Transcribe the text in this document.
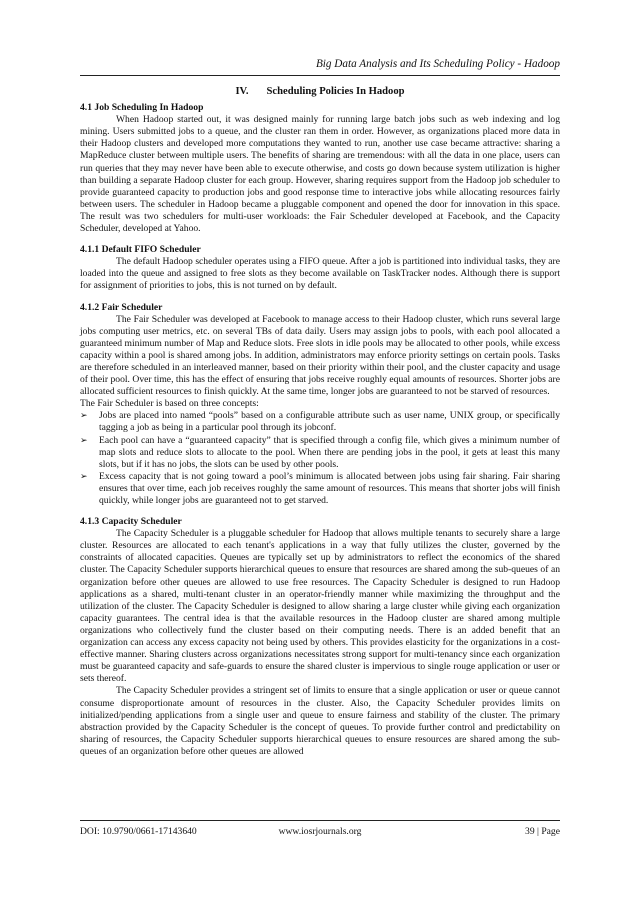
Big Data Analysis and Its Scheduling Policy - Hadoop
IV. Scheduling Policies In Hadoop
4.1 Job Scheduling In Hadoop

When Hadoop started out, it was designed mainly for running large batch jobs such as web indexing and log mining. Users submitted jobs to a queue, and the cluster ran them in order. However, as organizations placed more data in their Hadoop clusters and developed more computations they wanted to run, another use case became attractive: sharing a MapReduce cluster between multiple users. The benefits of sharing are tremendous: with all the data in one place, users can run queries that they may never have been able to execute otherwise, and costs go down because system utilization is higher than building a separate Hadoop cluster for each group. However, sharing requires support from the Hadoop job scheduler to provide guaranteed capacity to production jobs and good response time to interactive jobs while allocating resources fairly between users. The scheduler in Hadoop became a pluggable component and opened the door for innovation in this space. The result was two schedulers for multi-user workloads: the Fair Scheduler developed at Facebook, and the Capacity Scheduler, developed at Yahoo.

4.1.1 Default FIFO Scheduler

The default Hadoop scheduler operates using a FIFO queue. After a job is partitioned into individual tasks, they are loaded into the queue and assigned to free slots as they become available on TaskTracker nodes. Although there is support for assignment of priorities to jobs, this is not turned on by default.

4.1.2 Fair Scheduler

The Fair Scheduler was developed at Facebook to manage access to their Hadoop cluster, which runs several large jobs computing user metrics, etc. on several TBs of data daily. Users may assign jobs to pools, with each pool allocated a guaranteed minimum number of Map and Reduce slots. Free slots in idle pools may be allocated to other pools, while excess capacity within a pool is shared among jobs. In addition, administrators may enforce priority settings on certain pools. Tasks are therefore scheduled in an interleaved manner, based on their priority within their pool, and the cluster capacity and usage of their pool. Over time, this has the effect of ensuring that jobs receive roughly equal amounts of resources. Shorter jobs are allocated sufficient resources to finish quickly. At the same time, longer jobs are guaranteed to not be starved of resources.

The Fair Scheduler is based on three concepts:

➢ Jobs are placed into named “pools” based on a configurable attribute such as user name, UNIX group, or specifically tagging a job as being in a particular pool through its jobconf.
➢ Each pool can have a “guaranteed capacity” that is specified through a config file, which gives a minimum number of map slots and reduce slots to allocate to the pool. When there are pending jobs in the pool, it gets at least this many slots, but if it has no jobs, the slots can be used by other pools.
➢ Excess capacity that is not going toward a pool’s minimum is allocated between jobs using fair sharing. Fair sharing ensures that over time, each job receives roughly the same amount of resources. This means that shorter jobs will finish quickly, while longer jobs are guaranteed not to get starved.
4.1.3 Capacity Scheduler

The Capacity Scheduler is a pluggable scheduler for Hadoop that allows multiple tenants to securely share a large cluster. Resources are allocated to each tenant's applications in a way that fully utilizes the cluster, governed by the constraints of allocated capacities. Queues are typically set up by administrators to reflect the economics of the shared cluster. The Capacity Scheduler supports hierarchical queues to ensure that resources are shared among the sub-queues of an organization before other queues are allowed to use free resources. The Capacity Scheduler is designed to run Hadoop applications as a shared, multi-tenant cluster in an operator-friendly manner while maximizing the throughput and the utilization of the cluster. The Capacity Scheduler is designed to allow sharing a large cluster while giving each organization capacity guarantees. The central idea is that the available resources in the Hadoop cluster are shared among multiple organizations who collectively fund the cluster based on their computing needs. There is an added benefit that an organization can access any excess capacity not being used by others. This provides elasticity for the organizations in a cost-effective manner. Sharing clusters across organizations necessitates strong support for multi-tenancy since each organization must be guaranteed capacity and safe-guards to ensure the shared cluster is impervious to single rouge application or user or sets thereof.

The Capacity Scheduler provides a stringent set of limits to ensure that a single application or user or queue cannot consume disproportionate amount of resources in the cluster. Also, the Capacity Scheduler provides limits on initialized/pending applications from a single user and queue to ensure fairness and stability of the cluster. The primary abstraction provided by the Capacity Scheduler is the concept of queues. To provide further control and predictability on sharing of resources, the Capacity Scheduler supports hierarchical queues to ensure resources are shared among the sub-queues of an organization before other queues are allowed

DOI: 10.9790/0661-17143640	www.iosrjournals.org	39 | Page
